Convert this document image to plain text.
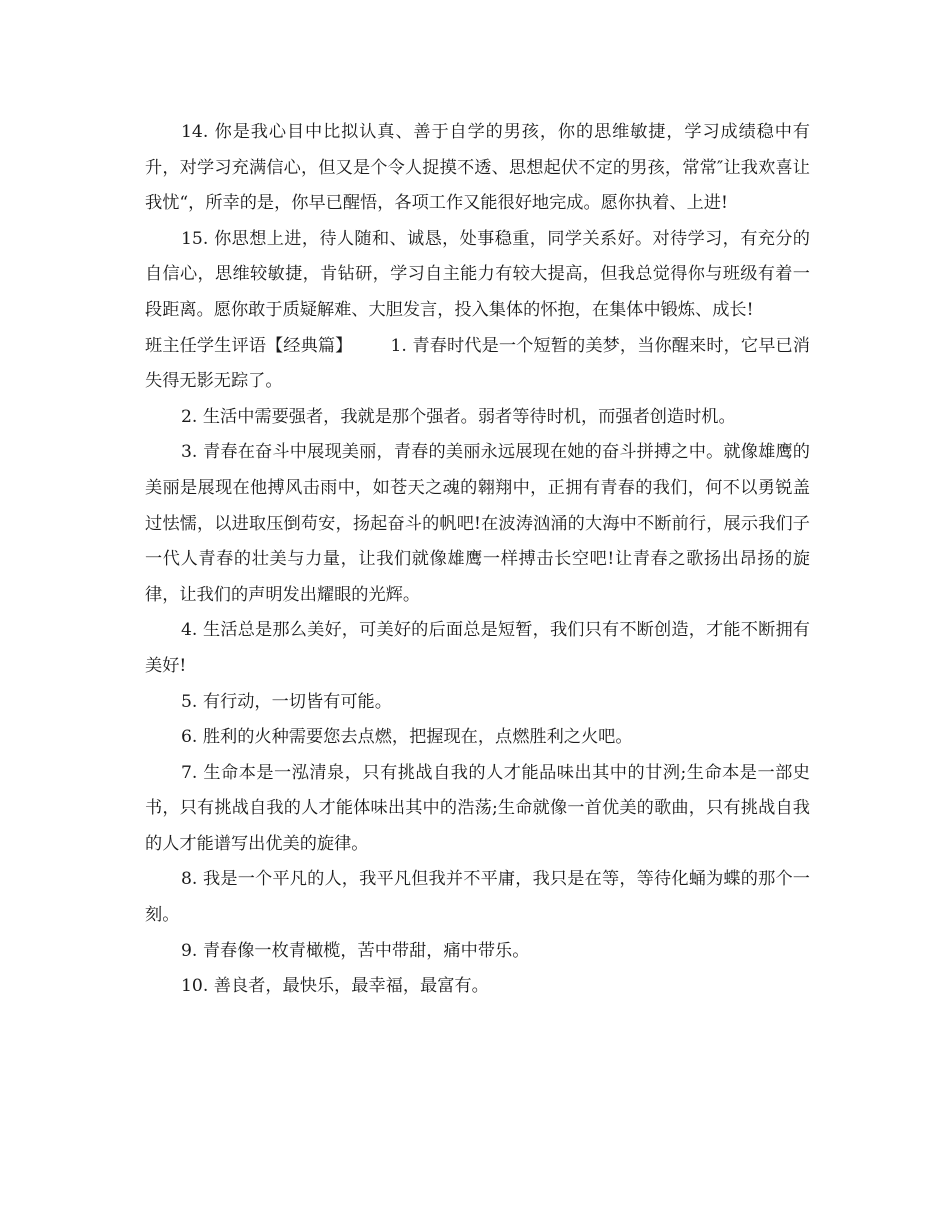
14. 你是我心目中比拟认真、善于自学的男孩，你的思维敏捷，学习成绩稳中有升，对学习充满信心，但又是个令人捉摸不透、思想起伏不定的男孩，常常″让我欢喜让我忧“，所幸的是，你早已醒悟，各项工作又能很好地完成。愿你执着、上进!

15. 你思想上进，待人随和、诚恳，处事稳重，同学关系好。对待学习，有充分的自信心，思维较敏捷，肯钻研，学习自主能力有较大提高，但我总觉得你与班级有着一段距离。愿你敢于质疑解难、大胆发言，投入集体的怀抱，在集体中锻炼、成长!

班主任学生评语【经典篇】 1. 青春时代是一个短暂的美梦，当你醒来时，它早已消失得无影无踪了。

2. 生活中需要强者，我就是那个强者。弱者等待时机，而强者创造时机。

3. 青春在奋斗中展现美丽，青春的美丽永远展现在她的奋斗拼搏之中。就像雄鹰的美丽是展现在他搏风击雨中，如苍天之魂的翱翔中，正拥有青春的我们，何不以勇锐盖过怯懦，以进取压倒苟安，扬起奋斗的帆吧!在波涛汹涌的大海中不断前行，展示我们子一代人青春的壮美与力量，让我们就像雄鹰一样搏击长空吧!让青春之歌扬出昂扬的旋律，让我们的声明发出耀眼的光辉。

4. 生活总是那么美好，可美好的后面总是短暂，我们只有不断创造，才能不断拥有美好!

5. 有行动，一切皆有可能。

6. 胜利的火种需要您去点燃，把握现在，点燃胜利之火吧。

7. 生命本是一泓清泉，只有挑战自我的人才能品味出其中的甘洌;生命本是一部史书，只有挑战自我的人才能体味出其中的浩荡;生命就像一首优美的歌曲，只有挑战自我的人才能谱写出优美的旋律。

8. 我是一个平凡的人，我平凡但我并不平庸，我只是在等，等待化蛹为蝶的那个一刻。

9. 青春像一枚青橄榄，苦中带甜，痛中带乐。

10. 善良者，最快乐，最幸福，最富有。
